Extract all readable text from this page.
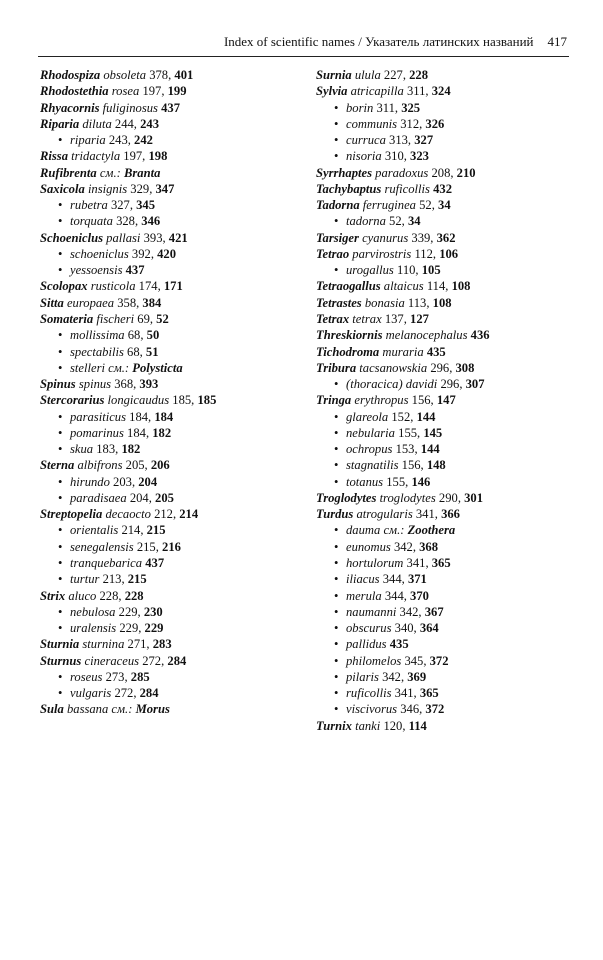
Index of scientific names / Указатель латинских названий 417
Rhodospiza obsoleta 378, 401
Rhodostethia rosea 197, 199
Rhyacornis fuliginosus 437
Riparia diluta 244, 243
• riparia 243, 242
Rissa tridactyla 197, 198
Rufibrenta см.: Branta
Saxicola insignis 329, 347
• rubetra 327, 345
• torquata 328, 346
Schoeniclus pallasi 393, 421
• schoeniclus 392, 420
• yessoensis 437
Scolopax rusticola 174, 171
Sitta europaea 358, 384
Somateria fischeri 69, 52
• mollissima 68, 50
• spectabilis 68, 51
• stelleri см.: Polysticta
Spinus spinus 368, 393
Stercorarius longicaudus 185, 185
• parasiticus 184, 184
• pomarinus 184, 182
• skua 183, 182
Sterna albifrons 205, 206
• hirundo 203, 204
• paradisaea 204, 205
Streptopelia decaocto 212, 214
• orientalis 214, 215
• senegalensis 215, 216
• tranquebarica 437
• turtur 213, 215
Strix aluco 228, 228
• nebulosa 229, 230
• uralensis 229, 229
Sturnia sturnina 271, 283
Sturnus cineraceus 272, 284
• roseus 273, 285
• vulgaris 272, 284
Sula bassana см.: Morus
Surnia ulula 227, 228
Sylvia atricapilla 311, 324
• borin 311, 325
• communis 312, 326
• curruca 313, 327
• nisoria 310, 323
Syrrhaptes paradoxus 208, 210
Tachybaptus ruficollis 432
Tadorna ferruginea 52, 34
• tadorna 52, 34
Tarsiger cyanurus 339, 362
Tetrao parvirostris 112, 106
• urogallus 110, 105
Tetraogallus altaicus 114, 108
Tetrastes bonasia 113, 108
Tetrax tetrax 137, 127
Threskiornis melanocephalus 436
Tichodroma muraria 435
Tribura tacsanowskia 296, 308
• (thoracica) davidi 296, 307
Tringa erythropus 156, 147
• glareola 152, 144
• nebularia 155, 145
• ochropus 153, 144
• stagnatilis 156, 148
• totanus 155, 146
Troglodytes troglodytes 290, 301
Turdus atrogularis 341, 366
• dauma см.: Zoothera
• eunomus 342, 368
• hortulorum 341, 365
• iliacus 344, 371
• merula 344, 370
• naumanni 342, 367
• obscurus 340, 364
• pallidus 435
• philomelos 345, 372
• pilaris 342, 369
• ruficollis 341, 365
• viscivorus 346, 372
Turnix tanki 120, 114
